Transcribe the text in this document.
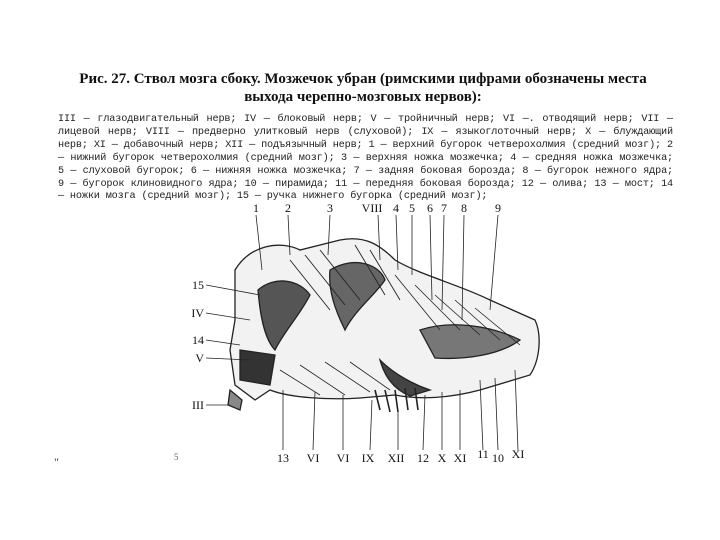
Рис. 27. Ствол мозга сбоку. Мозжечок убран (римскими цифрами обозначены места
выхода черепно-мозговых нервов):
III — глазодвигательный нерв; IV — блоковый нерв; V — тройничный нерв; VI —. отводящий нерв; VII — лицевой нерв; VIII — предверно улитковый нерв (слуховой); IX — языкоглоточный нерв; X — блуждающий нерв; XI — добавочный нерв; XII — подъязычный нерв; 1 — верхний бугорок четверохолмия (средний мозг); 2 — нижний бугорок четверохолмия (средний мозг); 3 — верхняя ножка мозжечка; 4 — средняя ножка мозжечка; 5 — слуховой бугорок; 6 — нижняя ножка мозжечка; 7 — задняя боковая борозда; 8 — бугорок нежного ядра; 9 — бугорок клиновидного ядра; 10 — пирамида; 11 — передняя боковая борозда; 12 — олива; 13 — мост; 14 — ножки мозга (средний мозг); 15 — ручка нижнего бугорка (средний мозг);
1 2	3 VIII 4 5 6 7 8 9
15
IV
14
V
III
13 VI VI IX XII 12 X XI 11 10 XI
"	5
